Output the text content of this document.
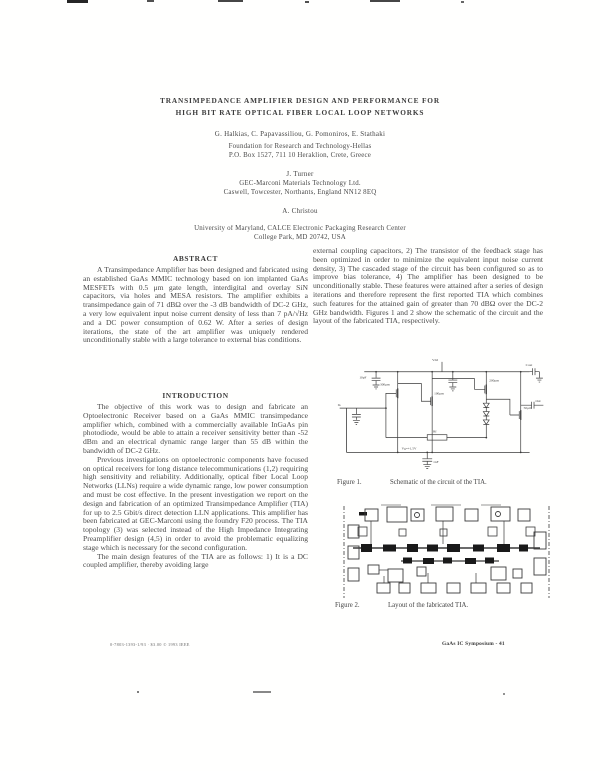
TRANSIMPEDANCE AMPLIFIER DESIGN AND PERFORMANCE FOR
HIGH BIT RATE OPTICAL FIBER LOCAL LOOP NETWORKS
G. Halkias, C. Papavassiliou, G. Pomoniros, E. Stathaki
Foundation for Research and Technology-Hellas
P.O. Box 1527, 711 10 Heraklion, Crete, Greece
J. Turner
GEC-Marconi Materials Technology Ltd.
Caswell, Towcester, Northants, England NN12 8EQ
A. Christou
University of Maryland, CALCE Electronic Packaging Research Center
College Park, MD 20742, USA
ABSTRACT

A Transimpedance Amplifier has been designed and fabricated using an established GaAs MMIC technology based on ion implanted GaAs MESFETs with 0.5 μm gate length, interdigital and overlay SiN capacitors, via holes and MESA resistors. The amplifier exhibits a transimpedance gain of 71 dBΩ over the -3 dB bandwidth of DC-2 GHz, a very low equivalent input noise current density of less than 7 pA/√Hz and a DC power consumption of 0.62 W. After a series of design iterations, the state of the art amplifier was uniquely rendered unconditionally stable with a large tolerance to external bias conditions.

INTRODUCTION

The objective of this work was to design and fabricate an Optoelectronic Receiver based on a GaAs MMIC transimpedance amplifier which, combined with a commercially available InGaAs pin photodiode, would be able to attain a receiver sensitivity better than -52 dBm and an electrical dynamic range larger than 55 dB within the bandwidth of DC-2 GHz.

Previous investigations on optoelectronic components have focused on optical receivers for long distance telecommunications (1,2) requiring high sensitivity and reliability. Additionally, optical fiber Local Loop Networks (LLNs) require a wide dynamic range, low power consumption and must be cost effective. In the present investigation we report on the design and fabrication of an optimized Transimpedance Amplifier (TIA) for up to 2.5 Gbit/s direct detection LLN applications. This amplifier has been fabricated at GEC-Marconi using the foundry F20 process. The TIA topology (3) was selected instead of the High Impedance Integrating Preamplifier design (4,5) in order to avoid the problematic equalizing stage which is necessary for the second configuration.

The main design features of the TIA are as follows: 1) It is a DC coupled amplifier, thereby avoiding large

external coupling capacitors, 2) The transistor of the feedback stage has been optimized in order to minimize the equivalent input noise current density, 3) The cascaded stage of the circuit has been configured so as to improve bias tolerance, 4) The amplifier has been designed to be unconditionally stable. These features were attained after a series of design iterations and therefore represent the first reported TIA which combines such features for the attained gain of greater than 70 dBΩ over the DC-2 GHz bandwidth. Figures 1 and 2 show the schematic of the circuit and the layout of the fabricated TIA, respectively.

Vdd
10pF
In
300μm
100μm
200μm
Rf
50μm
Out
Cout
Vg=+1.5V
1nF
Figure 1.	Schematic of the circuit of the TIA.
Figure 2.	Layout of the fabricated TIA.
0-7803-1393-1/93 · $3.00 © 1993 IEEE	GaAs IC Symposium - 41
